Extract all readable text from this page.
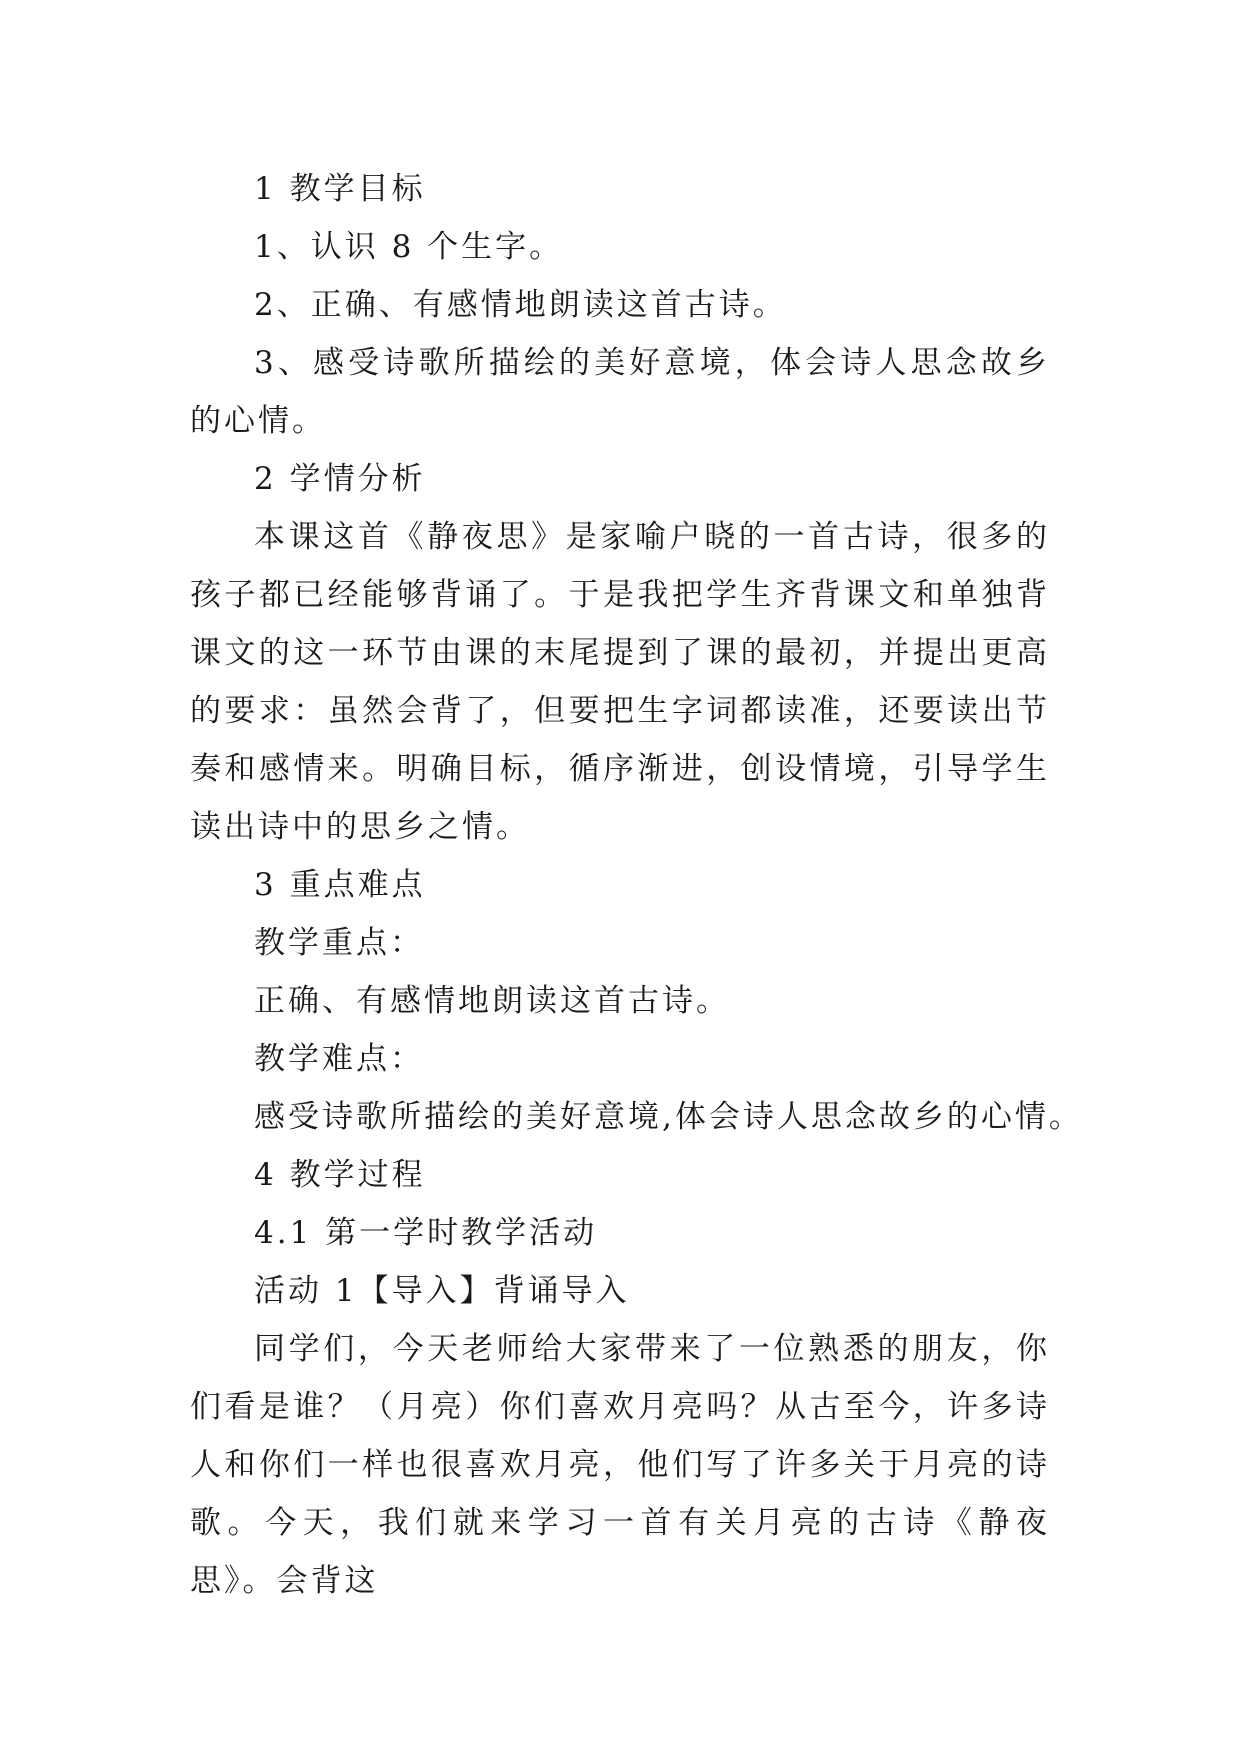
1 教学目标

1、认识 8 个生字。

2、正确、有感情地朗读这首古诗。

3、感受诗歌所描绘的美好意境，体会诗人思念故乡的心情。

2 学情分析

本课这首《静夜思》是家喻户晓的一首古诗，很多的孩子都已经能够背诵了。于是我把学生齐背课文和单独背课文的这一环节由课的末尾提到了课的最初，并提出更高的要求：虽然会背了，但要把生字词都读准，还要读出节奏和感情来。明确目标，循序渐进，创设情境，引导学生读出诗中的思乡之情。

3 重点难点

教学重点：

正确、有感情地朗读这首古诗。

教学难点：

感受诗歌所描绘的美好意境,体会诗人思念故乡的心情。

4 教学过程

4.1 第一学时教学活动

活动 1【导入】背诵导入

同学们，今天老师给大家带来了一位熟悉的朋友，你们看是谁？（月亮）你们喜欢月亮吗？从古至今，许多诗人和你们一样也很喜欢月亮，他们写了许多关于月亮的诗歌。今天，我们就来学习一首有关月亮的古诗《静夜思》。会背这
